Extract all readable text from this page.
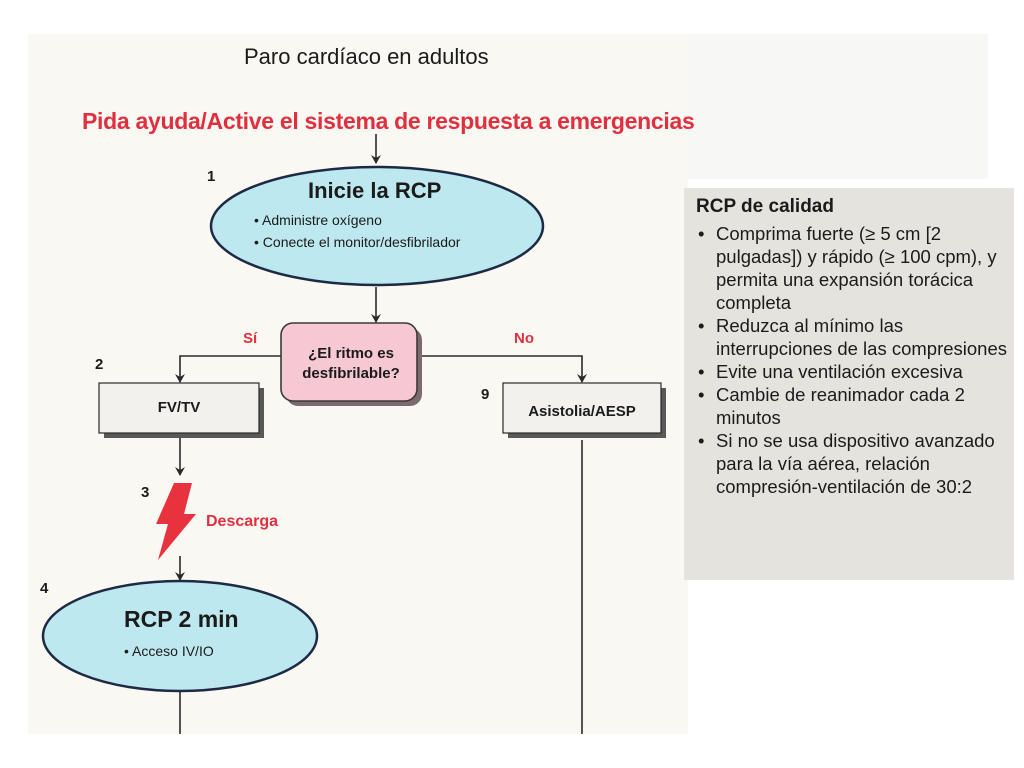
Paro cardíaco en adultos
Pida ayuda/Active el sistema de respuesta a emergencias
1
Inicie la RCP
• Administre oxígeno
• Conecte el monitor/desfibrilador
¿El ritmo es desfibrilable?
Sí	No
2
FV/TV
9
Asistolia/AESP
3
Descarga
4
RCP 2 min
• Acceso IV/IO
RCP de calidad
• Comprima fuerte (≥ 5 cm [2 pulgadas]) y rápido (≥ 100 cpm), y permita una expansión torácica completa
• Reduzca al mínimo las interrupciones de las compresiones
• Evite una ventilación excesiva
• Cambie de reanimador cada 2 minutos
• Si no se usa dispositivo avanzado para la vía aérea, relación compresión-ventilación de 30:2
